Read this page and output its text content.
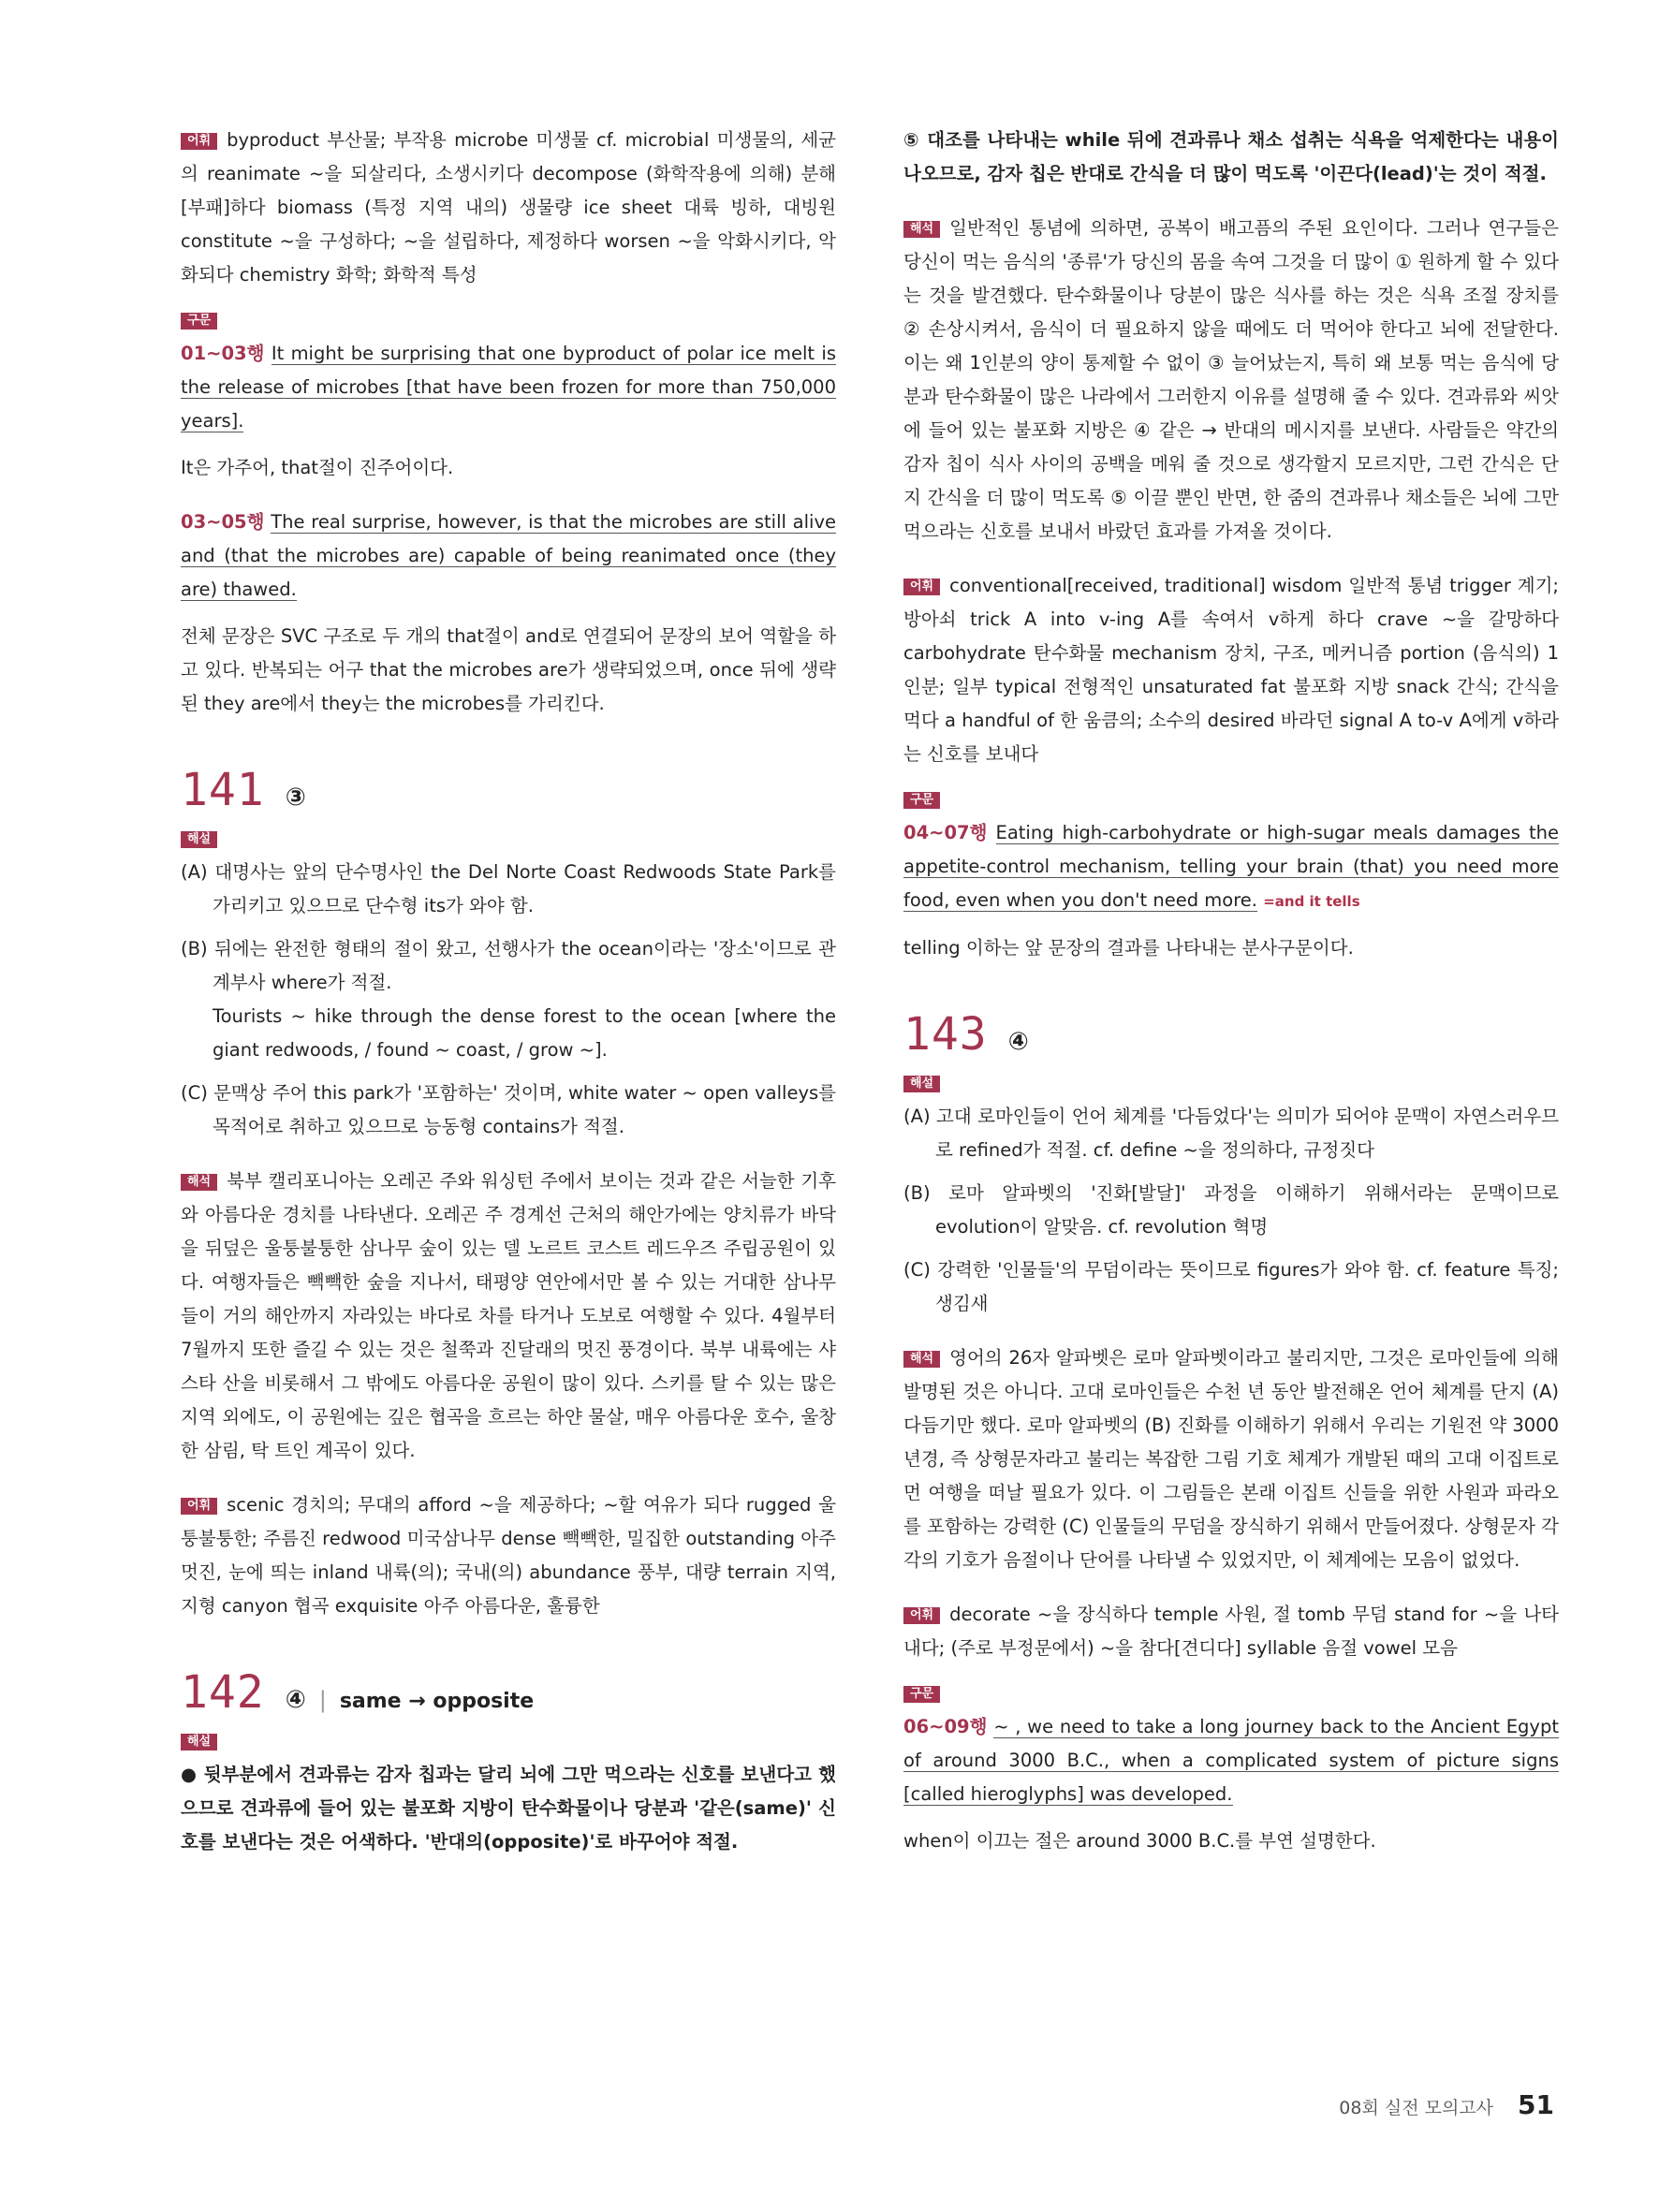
어휘 byproduct 부산물; 부작용 microbe 미생물 cf. microbial 미생물의, 세균의 reanimate ~을 되살리다, 소생시키다 decompose (화학작용에 의해) 분해[부패]하다 biomass (특정 지역 내의) 생물량 ice sheet 대륙 빙하, 대빙원 constitute ~을 구성하다; ~을 설립하다, 제정하다 worsen ~을 악화시키다, 악화되다 chemistry 화학; 화학적 특성

구문

01~03행 It might be surprising that one byproduct of polar ice melt is the release of microbes [that have been frozen for more than 750,000 years].

It은 가주어, that절이 진주어이다.

03~05행 The real surprise, however, is that the microbes are still alive and (that the microbes are) capable of being reanimated once (they are) thawed.

전체 문장은 SVC 구조로 두 개의 that절이 and로 연결되어 문장의 보어 역할을 하고 있다. 반복되는 어구 that the microbes are가 생략되었으며, once 뒤에 생략된 they are에서 they는 the microbes를 가리킨다.

141 ③
해설

(A) 대명사는 앞의 단수명사인 the Del Norte Coast Redwoods State Park를 가리키고 있으므로 단수형 its가 와야 함.

(B) 뒤에는 완전한 형태의 절이 왔고, 선행사가 the ocean이라는 '장소'이므로 관계부사 where가 적절.

Tourists ~ hike through the dense forest to the ocean [where the giant redwoods, / found ~ coast, / grow ~].

(C) 문맥상 주어 this park가 '포함하는' 것이며, white water ~ open valleys를 목적어로 취하고 있으므로 능동형 contains가 적절.

해석 북부 캘리포니아는 오레곤 주와 워싱턴 주에서 보이는 것과 같은 서늘한 기후와 아름다운 경치를 나타낸다. 오레곤 주 경계선 근처의 해안가에는 양치류가 바닥을 뒤덮은 울퉁불퉁한 삼나무 숲이 있는 델 노르트 코스트 레드우즈 주립공원이 있다. 여행자들은 빽빽한 숲을 지나서, 태평양 연안에서만 볼 수 있는 거대한 삼나무들이 거의 해안까지 자라있는 바다로 차를 타거나 도보로 여행할 수 있다. 4월부터 7월까지 또한 즐길 수 있는 것은 철쭉과 진달래의 멋진 풍경이다. 북부 내륙에는 샤스타 산을 비롯해서 그 밖에도 아름다운 공원이 많이 있다. 스키를 탈 수 있는 많은 지역 외에도, 이 공원에는 깊은 협곡을 흐르는 하얀 물살, 매우 아름다운 호수, 울창한 삼림, 탁 트인 계곡이 있다.

어휘 scenic 경치의; 무대의 afford ~을 제공하다; ~할 여유가 되다 rugged 울퉁불퉁한; 주름진 redwood 미국삼나무 dense 빽빽한, 밀집한 outstanding 아주 멋진, 눈에 띄는 inland 내륙(의); 국내(의) abundance 풍부, 대량 terrain 지역, 지형 canyon 협곡 exquisite 아주 아름다운, 훌륭한

142 ④ | same → opposite
해설

● 뒷부분에서 견과류는 감자 칩과는 달리 뇌에 그만 먹으라는 신호를 보낸다고 했으므로 견과류에 들어 있는 불포화 지방이 탄수화물이나 당분과 '같은(same)' 신호를 보낸다는 것은 어색하다. '반대의(opposite)'로 바꾸어야 적절.

⑤ 대조를 나타내는 while 뒤에 견과류나 채소 섭취는 식욕을 억제한다는 내용이 나오므로, 감자 칩은 반대로 간식을 더 많이 먹도록 '이끈다(lead)'는 것이 적절.

해석 일반적인 통념에 의하면, 공복이 배고픔의 주된 요인이다. 그러나 연구들은 당신이 먹는 음식의 '종류'가 당신의 몸을 속여 그것을 더 많이 ① 원하게 할 수 있다는 것을 발견했다. 탄수화물이나 당분이 많은 식사를 하는 것은 식욕 조절 장치를 ② 손상시켜서, 음식이 더 필요하지 않을 때에도 더 먹어야 한다고 뇌에 전달한다. 이는 왜 1인분의 양이 통제할 수 없이 ③ 늘어났는지, 특히 왜 보통 먹는 음식에 당분과 탄수화물이 많은 나라에서 그러한지 이유를 설명해 줄 수 있다. 견과류와 씨앗에 들어 있는 불포화 지방은 ④ 같은 → 반대의 메시지를 보낸다. 사람들은 약간의 감자 칩이 식사 사이의 공백을 메워 줄 것으로 생각할지 모르지만, 그런 간식은 단지 간식을 더 많이 먹도록 ⑤ 이끌 뿐인 반면, 한 줌의 견과류나 채소들은 뇌에 그만 먹으라는 신호를 보내서 바랐던 효과를 가져올 것이다.

어휘 conventional[received, traditional] wisdom 일반적 통념 trigger 계기; 방아쇠 trick A into v-ing A를 속여서 v하게 하다 crave ~을 갈망하다 carbohydrate 탄수화물 mechanism 장치, 구조, 메커니즘 portion (음식의) 1인분; 일부 typical 전형적인 unsaturated fat 불포화 지방 snack 간식; 간식을 먹다 a handful of 한 움큼의; 소수의 desired 바라던 signal A to-v A에게 v하라는 신호를 보내다

구문

04~07행 Eating high-carbohydrate or high-sugar meals damages the appetite-control mechanism, telling your brain (that) you need more food, even when you don't need more. =and it tells

telling 이하는 앞 문장의 결과를 나타내는 분사구문이다.

143 ④
해설

(A) 고대 로마인들이 언어 체계를 '다듬었다'는 의미가 되어야 문맥이 자연스러우므로 refined가 적절. cf. define ~을 정의하다, 규정짓다

(B) 로마 알파벳의 '진화[발달]' 과정을 이해하기 위해서라는 문맥이므로 evolution이 알맞음. cf. revolution 혁명

(C) 강력한 '인물들'의 무덤이라는 뜻이므로 figures가 와야 함. cf. feature 특징; 생김새

해석 영어의 26자 알파벳은 로마 알파벳이라고 불리지만, 그것은 로마인들에 의해 발명된 것은 아니다. 고대 로마인들은 수천 년 동안 발전해온 언어 체계를 단지 (A) 다듬기만 했다. 로마 알파벳의 (B) 진화를 이해하기 위해서 우리는 기원전 약 3000년경, 즉 상형문자라고 불리는 복잡한 그림 기호 체계가 개발된 때의 고대 이집트로 먼 여행을 떠날 필요가 있다. 이 그림들은 본래 이집트 신들을 위한 사원과 파라오를 포함하는 강력한 (C) 인물들의 무덤을 장식하기 위해서 만들어졌다. 상형문자 각각의 기호가 음절이나 단어를 나타낼 수 있었지만, 이 체계에는 모음이 없었다.

어휘 decorate ~을 장식하다 temple 사원, 절 tomb 무덤 stand for ~을 나타내다; (주로 부정문에서) ~을 참다[견디다] syllable 음절 vowel 모음

구문

06~09행 ~ , we need to take a long journey back to the Ancient Egypt of around 3000 B.C., when a complicated system of picture signs [called hieroglyphs] was developed.

when이 이끄는 절은 around 3000 B.C.를 부연 설명한다.

08회 실전 모의고사 51
